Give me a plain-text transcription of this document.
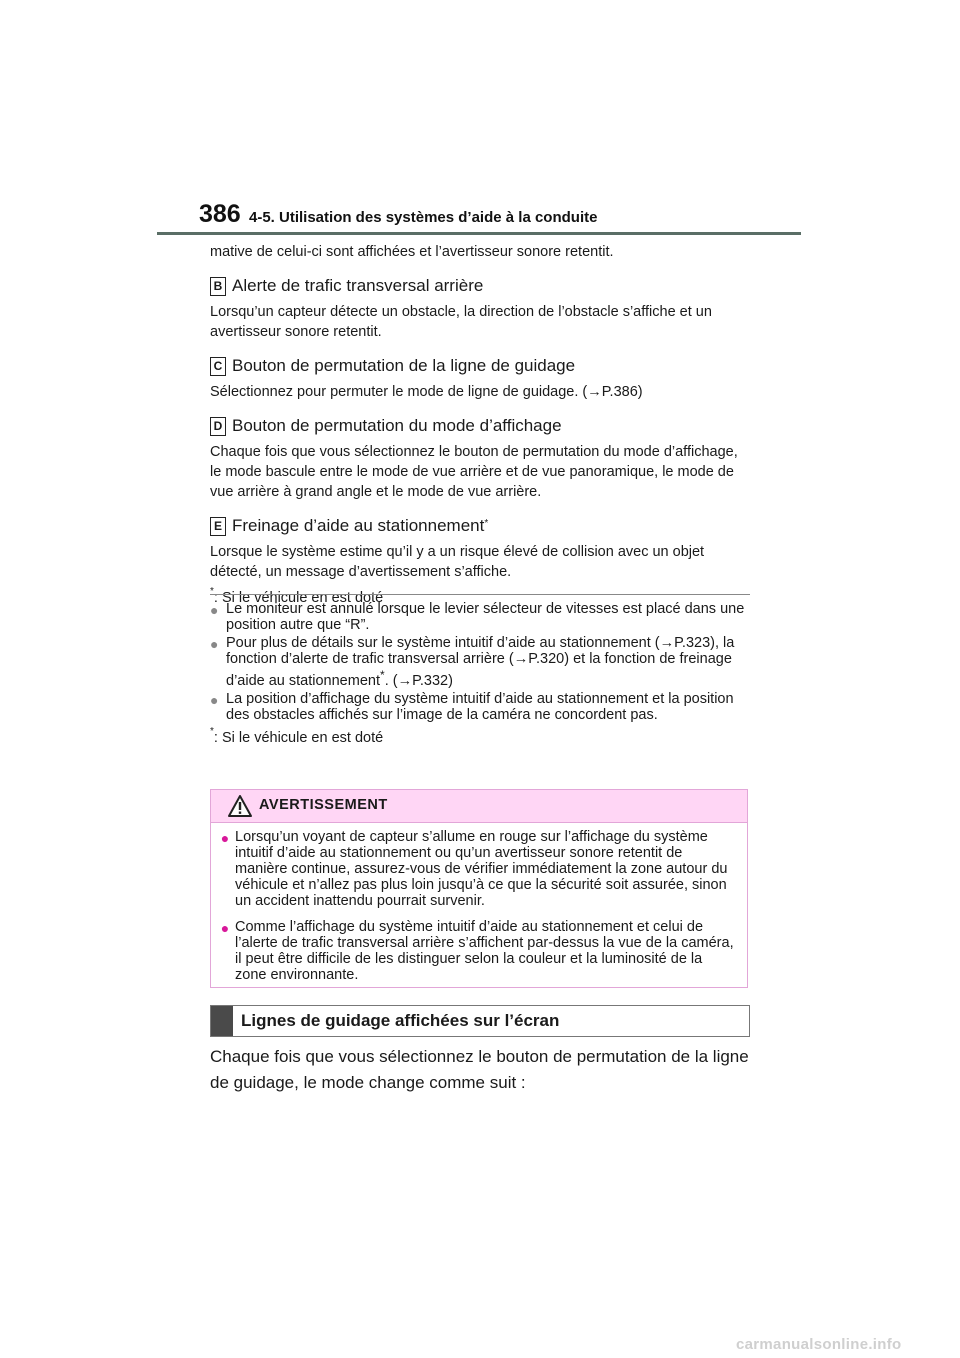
386 4-5. Utilisation des systèmes d’aide à la conduite

mative de celui-ci sont affichées et l’avertisseur sonore retentit.

B Alerte de trafic transversal arrière

Lorsqu’un capteur détecte un obstacle, la direction de l’obstacle s’affiche et un avertisseur sonore retentit.

C Bouton de permutation de la ligne de guidage

Sélectionnez pour permuter le mode de ligne de guidage. (→P.386)

D Bouton de permutation du mode d’affichage

Chaque fois que vous sélectionnez le bouton de permutation du mode d’affichage, le mode bascule entre le mode de vue arrière et de vue panoramique, le mode de vue arrière à grand angle et le mode de vue arrière.

E Freinage d’aide au stationnement*

Lorsque le système estime qu’il y a un risque élevé de collision avec un objet détecté, un message d’avertissement s’affiche.

*: Si le véhicule en est doté

● Le moniteur est annulé lorsque le levier sélecteur de vitesses est placé dans une position autre que “R”.
● Pour plus de détails sur le système intuitif d’aide au stationnement (→P.323), la fonction d’alerte de trafic transversal arrière (→P.320) et la fonction de freinage d’aide au stationnement*. (→P.332)
● La position d’affichage du système intuitif d’aide au stationnement et la position des obstacles affichés sur l’image de la caméra ne concordent pas.

*: Si le véhicule en est doté

AVERTISSEMENT
● Lorsqu’un voyant de capteur s’allume en rouge sur l’affichage du système intuitif d’aide au stationnement ou qu’un avertisseur sonore retentit de manière continue, assurez-vous de vérifier immédiatement la zone autour du véhicule et n’allez pas plus loin jusqu’à ce que la sécurité soit assurée, sinon un accident inattendu pourrait survenir.
● Comme l’affichage du système intuitif d’aide au stationnement et celui de l’alerte de trafic transversal arrière s’affichent par-dessus la vue de la caméra, il peut être difficile de les distinguer selon la couleur et la luminosité de la zone environnante.
Lignes de guidage affichées sur l’écran

Chaque fois que vous sélectionnez le bouton de permutation de la ligne de guidage, le mode change comme suit :

carmanualsonline.info
